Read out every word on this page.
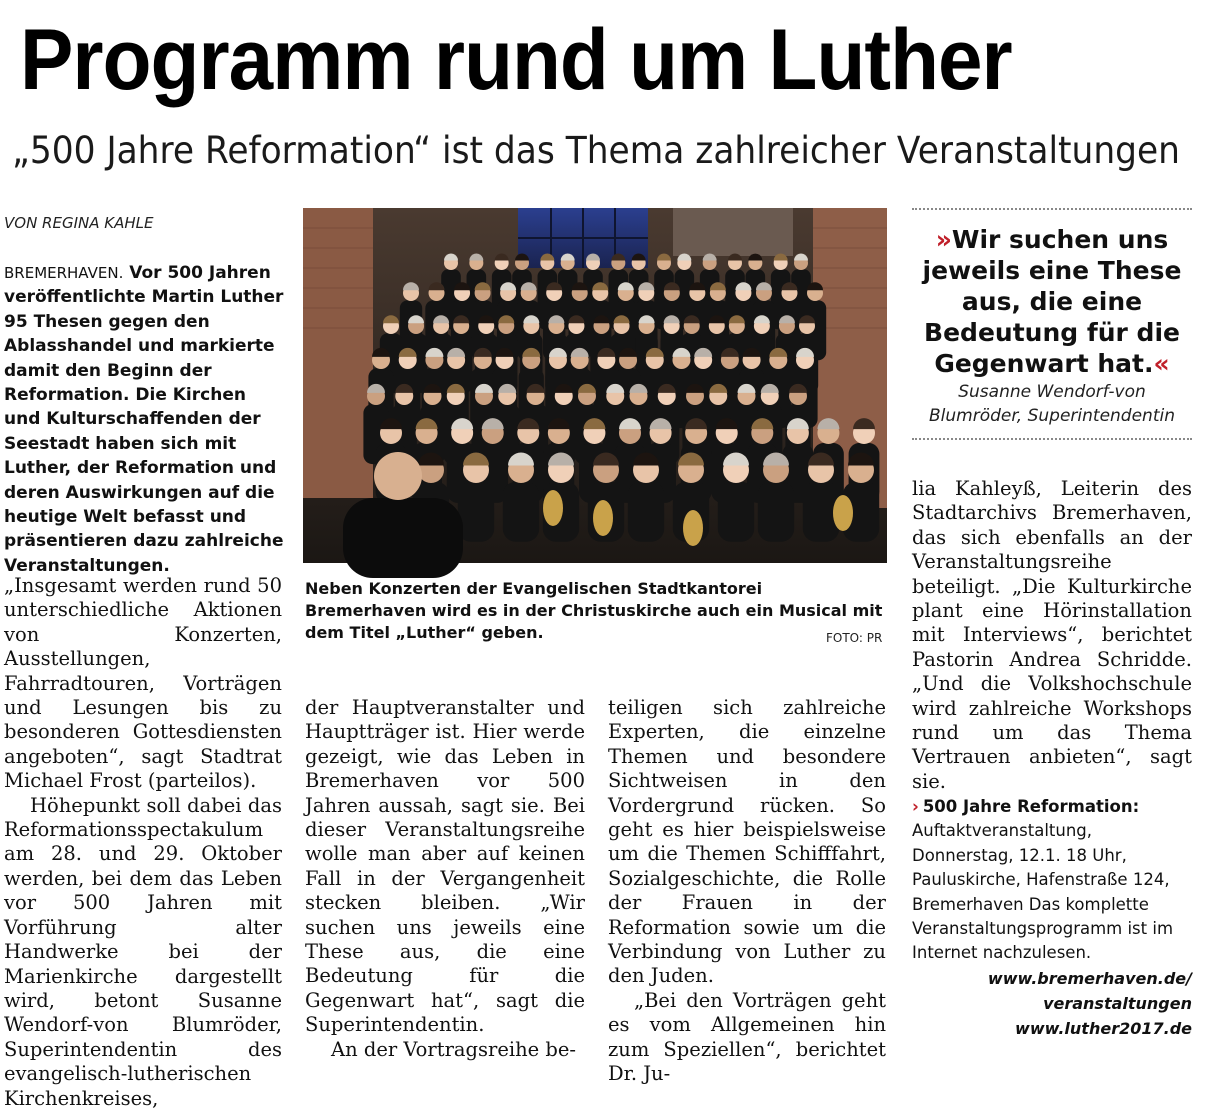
Programm rund um Luther
„500 Jahre Reformation“ ist das Thema zahlreicher Veranstaltungen
VON REGINA KAHLE
BREMERHAVEN. Vor 500 Jahren veröffentlichte Martin Luther 95 Thesen gegen den Ablasshandel und markierte damit den Beginn der Reformation. Die Kirchen und Kulturschaffenden der Seestadt haben sich mit Luther, der Reformation und deren Auswirkungen auf die heutige Welt befasst und präsentieren dazu zahlreiche Veranstaltungen.
Neben Konzerten der Evangelischen Stadtkantorei Bremerhaven wird es in der Christuskirche auch ein Musical mit dem Titel „Luther“ geben.	FOTO: PR
»Wir suchen uns jeweils eine These aus, die eine Bedeutung für die Gegenwart hat.«
Susanne Wendorf-von Blumröder, Superintendentin

„Insgesamt werden rund 50 unterschiedliche Aktionen von Konzerten, Ausstellungen, Fahrradtouren, Vorträgen und Lesungen bis zu besonderen Gottesdiensten angeboten“, sagt Stadtrat Michael Frost (parteilos).

Höhepunkt soll dabei das Reformationsspectakulum am 28. und 29. Oktober werden, bei dem das Leben vor 500 Jahren mit Vorführung alter Handwerke bei der Marienkirche dargestellt wird, betont Susanne Wendorf-von Blumröder, Superintendentin des evangelisch-lutherischen Kirchenkreises,

der Hauptveranstalter und Hauptträger ist. Hier werde gezeigt, wie das Leben in Bremerhaven vor 500 Jahren aussah, sagt sie. Bei dieser Veranstaltungsreihe wolle man aber auf keinen Fall in der Vergangenheit stecken bleiben. „Wir suchen uns jeweils eine These aus, die eine Bedeutung für die Gegenwart hat“, sagt die Superintendentin.

An der Vortragsreihe be-

teiligen sich zahlreiche Experten, die einzelne Themen und besondere Sichtweisen in den Vordergrund rücken. So geht es hier beispielsweise um die Themen Schifffahrt, Sozialgeschichte, die Rolle der Frauen in der Reformation sowie um die Verbindung von Luther zu den Juden.

„Bei den Vorträgen geht es vom Allgemeinen hin zum Speziellen“, berichtet Dr. Ju-

lia Kahleyß, Leiterin des Stadtarchivs Bremerhaven, das sich ebenfalls an der Veranstaltungsreihe beteiligt. „Die Kulturkirche plant eine Hörinstallation mit Interviews“, berichtet Pastorin Andrea Schridde. „Und die Volkshochschule wird zahlreiche Workshops rund um das Thema Vertrauen anbieten“, sagt sie.

› 500 Jahre Reformation: Auftaktveranstaltung, Donnerstag, 12.1. 18 Uhr, Pauluskirche, Hafenstraße 124, Bremerhaven Das komplette Veranstaltungsprogramm ist im Internet nachzulesen.
www.bremerhaven.de/
veranstaltungen
www.luther2017.de
